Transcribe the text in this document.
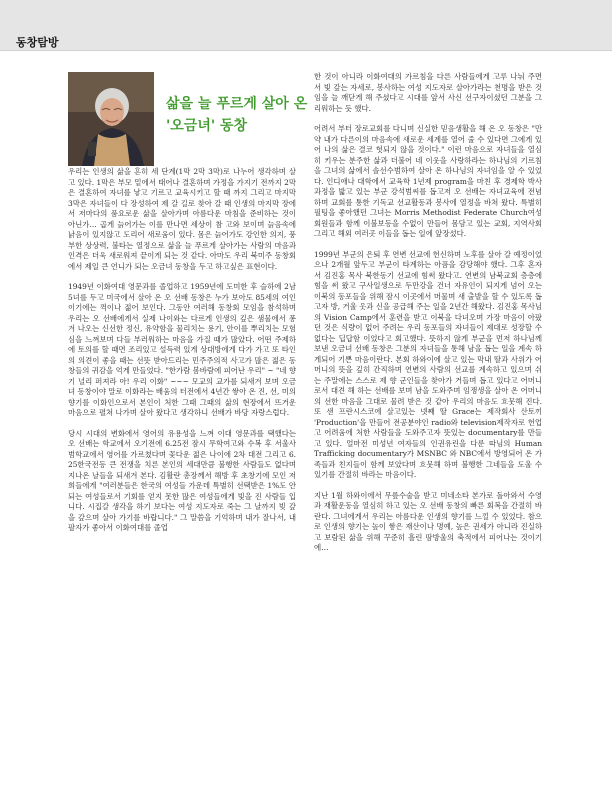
동창탐방
삶을 늘 푸르게 살아 온
'오금녀' 동창

우리는 인생의 삶을 흔히 세 단계(1막 2막 3막)로 나누어 생각하며 살고 있다. 1막은 부모 밑에서 태어나 결혼하며 가정을 가지기 전까지 2막은 결혼하여 자녀를 낳고 기르고 교육시키고 할 때 까지 그리고 마지막 3막은 자녀들이 다 장성하여 제 갈 길로 찾아 갈 때 인생의 마지막 장에서 저마다의 품요로운 삶을 살아가며 아름다운 마침을 준비하는 것이 아닌가… 곱게 늙어가는 이를 만나면 세상이 참 고와 보이며 늙음속에 낡음이 있지않고 도리어 새로움이 있다. 몸은 늙어가도 강인한 의지, 풍부한 상상력, 불타는 열정으로 삶을 늘 푸르게 살아가는 사람의 마음과 인격은 더욱 새로워져 끝이게 되는 것 같다. 아마도 우리 북미주 동창회에서 제일 큰 언니가 되는 오금녀 동창을 두고 하고싶은 표현이다.

1949년 이화여대 영문과를 졸업하고 1959년에 도미한 후 슬하에 2남 5녀를 두고 미국에서 살아 온 오 선배 동창은 누가 보아도 85세의 여인이기에는 꺽이나 젊어 보인다. 그동안 여러해 동창회 모임을 참석하며 우리는 오 선배에게서 실제 나이와는 다르게 인생의 깊은 샘물에서 퐁겨 나오는 신선한 정신, 유약함을 물리치는 용기, 안이를 뿌리치는 모험심을 느껴보며 다들 부러워하는 마음을 가질 때가 많았다. 어떤 주제하에 토의를 할 때면 조리있고 설득력 있게 상대방에게 다가 가고 또 타인의 의견이 좋을 때는 선뜻 받아드리는 민주주의적 사고가 많은 젊은 동창들의 귀감을 억게 만들었다. "한가람 봄바람에 피어난 우리" ~ "네 향기 널리 퍼져라 아! 우리 이화" ~~~ 모교의 교가를 되새겨 보며 오금녀 동창이야 말로 이화라는 배움의 터전에서 4년간 쌓아 온 진, 선, 미의 향기를 이화인으로서 본인이 처한 그때 그때의 삶의 현장에서 뜨거운 마음으로 펼쳐 나가며 살아 왔다고 생각하니 선배가 바당 자랑스럽다.

당시 시대의 변화에서 영어의 유용성을 느껴 이대 영문과를 택했다는 오 선배는 학교에서 오기전에 6.25전 잠시 무학여고와 수복 후 서울사범학교에서 영어를 가르쳤다며 꽃다운 젊은 나이에 2차 대전 그리고 6. 25한국전등 큰 전쟁을 치른 본인의 세대만큼 불행한 사람들도 없다며 지나온 날들을 되새겨 본다. 김활란 총장께서 해방 후 초창기에 모인 저희들에게 "여러분들은 한국의 여성들 가운데 특별히 선택받은 1%도 안 되는 여성들로서 기회를 얻지 못한 많은 여성들에게 빛을 진 사람들 입니다. 시집갈 생각을 하기 보다는 여성 지도자로 죽는 그 날까지 빚 갚을 갚으며 살아 가기를 바랍니다." 그 말씀을 기억하며 내가 잘나서, 내 팔자가 좋아서 이화여대를 졸업

한 것이 아니라 이화여대의 가르침을 다른 사람들에게 고루 나눠 주면서 빛 갚는 자세로, 봉사하는 여성 지도자로 살아가라는 천명을 받은 것임을 늘 깨닫게 해 주셨다고 시대를 앞서 사신 선구자이셨던 그분을 그리워하는 듯 했다.

어려서 부터 장로교회를 다니며 신실한 믿음생활을 해 온 오 동창은 "만약 내가 다른이의 마음속에 새로운 세계를 열어 줄 수 있다면 그에게 있어 나의 삶은 결코 헛되지 않을 것이다." 이런 마음으로 자녀들을 열심히 키우는 분주한 삶과 더불어 네 이웃을 사랑하라는 하나님의 기르침을 그녀의 삶에서 솔선수범하여 살아 온 하나님의 자녀임을 알 수 있었다. 인디애나 대학에서 교육학 1년제 program을 마친 후 경제학 박사과정을 밟고 있는 부군 강석범씨를 돕고저 오 선배는 자녀교육에 전념하며 교회를 통한 기독교 선교활동과 봉사에 열정을 바쳐 왔다. 특별히 필팅을 좋아했던 그녀는 Morris Methodist Federate Church여성회원들과 함께 이불보등을 수없이 만들어 몸담고 있는 교회, 지역사회 그리고 해외 여러곳 이들을 돕는 일에 앞장섰다.

1999년 부군의 은퇴 후 연변 선교에 헌신하며 노후를 살아 갈 예정이었으나 2개월 앞두고 부군이 타계하는 아픔을 감당해야 했다. 그후 혼자서 김진홍 목사 북한동기 선교에 힘써 왔다고. 연변의 남북교회 층층에 힘을 써 왔고 구사일생으로 두만강을 건너 자유인이 되지게 넘어 오는 이북의 동포들을 위해 잠시 이곳에서 머물며 새 출발을 할 수 있도록 돕고자 방, 거울 옷과 신을 공급해 주는 일을 2년간 해왔다. 김진홍 목사님의 Vision Camp에서 훈련을 받고 이북을 다녀오며 가장 마음이 아팠던 것은 식량이 없어 주려는 우리 동포들의 자녀들이 제대로 성장할 수 없다는 딥답함 이었다고 회고했다. 뜻하지 않게 부군을 먼저 하나님께 보낸 오금녀 선배 동창은 그분의 자녀들을 통해 남을 돕는 일을 계속 하게되어 기쁜 마음이란다. 본회 하와이에 살고 있는 막내 딸과 사위가 어머니의 뜻을 깊히 간직하며 연변의 사람의 선교를 계속하고 있으며 쉬는 주말에는 스스로 제 향 군인들을 찾아가 거들며 돕고 있다고 어머니로서 대견 해 하는 선배를 보며 남을 도와주며 임쟁생을 살아 온 어머니의 선한 마음을 그대로 물려 받은 것 같아 우리의 마음도 흐뭇해 진다. 또 샌 프란시스코에 살고있는 넷째 딸 Grace는 제작회사 산토끼 'Production'을 만들어 전공분야인 radio와 television제작자로 헌업고 어려움에 처한 사람들을 도와주고자 뜻있는 documentary를 만들고 있다. 얼마전 미성년 여자들의 인권유린을 다룬 따님의 Human Trafficking documentary가 MSNBC 와 NBC에서 방영되어 온 가족들과 친지들이 함께 보았다며 흐뭇해 하며 불행한 그네들을 도울 수 있기를 간절히 바라는 마음이다.

지난 1월 하와이에서 무릎수술을 받고 미네소타 본가로 돌아와서 수영과 재활운동을 열심히 하고 있는 오 선배 동창의 빠른 회복을 간절히 바란다. 그녀에게서 우리는 아름다운 인생의 향기를 느낄 수 있었다. 참으로 인생의 향기는 높이 쌓은 재산이나 명예, 높은 권세가 아니라 진실하고 보람된 삶을 위해 꾸준히 흘린 땀방울의 축적에서 피어나는 것이기에…
